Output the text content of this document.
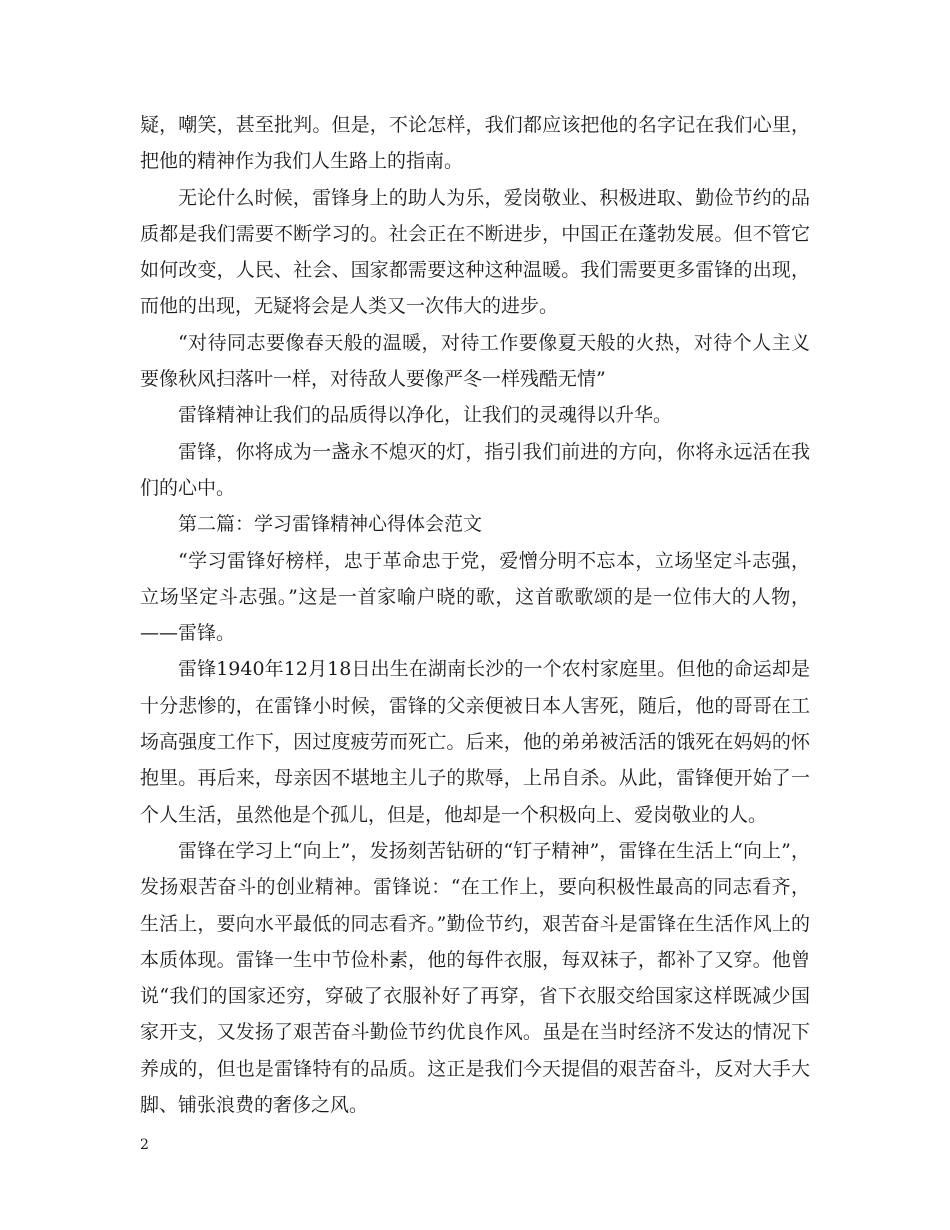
疑，嘲笑，甚至批判。但是，不论怎样，我们都应该把他的名字记在我们心里，把他的精神作为我们人生路上的指南。

无论什么时候，雷锋身上的助人为乐，爱岗敬业、积极进取、勤俭节约的品质都是我们需要不断学习的。社会正在不断进步，中国正在蓬勃发展。但不管它如何改变，人民、社会、国家都需要这种这种温暖。我们需要更多雷锋的出现，而他的出现，无疑将会是人类又一次伟大的进步。

“对待同志要像春天般的温暖，对待工作要像夏天般的火热，对待个人主义要像秋风扫落叶一样，对待敌人要像严冬一样残酷无情”

雷锋精神让我们的品质得以净化，让我们的灵魂得以升华。

雷锋，你将成为一盏永不熄灭的灯，指引我们前进的方向，你将永远活在我们的心中。

第二篇：学习雷锋精神心得体会范文

“学习雷锋好榜样，忠于革命忠于党，爱憎分明不忘本，立场坚定斗志强，立场坚定斗志强。”这是一首家喻户晓的歌，这首歌歌颂的是一位伟大的人物，——雷锋。

雷锋1940年12月18日出生在湖南长沙的一个农村家庭里。但他的命运却是十分悲惨的，在雷锋小时候，雷锋的父亲便被日本人害死，随后，他的哥哥在工场高强度工作下，因过度疲劳而死亡。后来，他的弟弟被活活的饿死在妈妈的怀抱里。再后来，母亲因不堪地主儿子的欺辱，上吊自杀。从此，雷锋便开始了一个人生活，虽然他是个孤儿，但是，他却是一个积极向上、爱岗敬业的人。

雷锋在学习上“向上”，发扬刻苦钻研的“钉子精神”，雷锋在生活上“向上”，发扬艰苦奋斗的创业精神。雷锋说：“在工作上，要向积极性最高的同志看齐，生活上，要向水平最低的同志看齐。”勤俭节约，艰苦奋斗是雷锋在生活作风上的本质体现。雷锋一生中节俭朴素，他的每件衣服，每双袜子，都补了又穿。他曾说“我们的国家还穷，穿破了衣服补好了再穿，省下衣服交给国家这样既减少国家开支，又发扬了艰苦奋斗勤俭节约优良作风。虽是在当时经济不发达的情况下养成的，但也是雷锋特有的品质。这正是我们今天提倡的艰苦奋斗，反对大手大脚、铺张浪费的奢侈之风。

2
